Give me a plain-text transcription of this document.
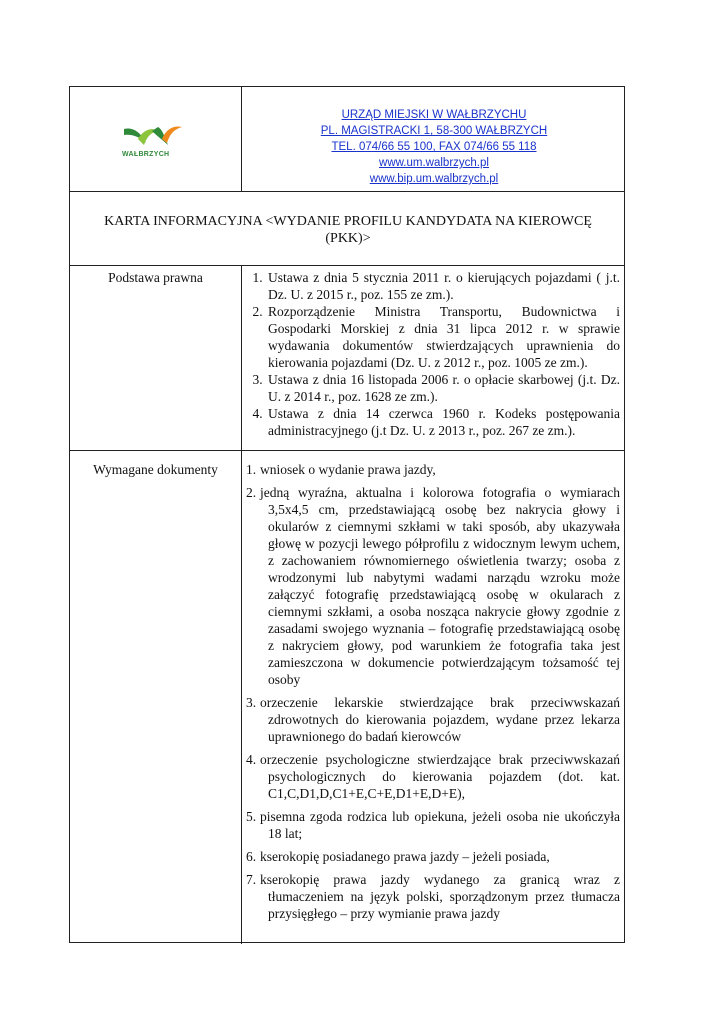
WAŁBRZYCH
URZĄD MIEJSKI W WAŁBRZYCHU
PL. MAGISTRACKI 1, 58-300 WAŁBRZYCH
TEL. 074/66 55 100, FAX 074/66 55 118
www.um.walbrzych.pl
www.bip.um.walbrzych.pl
KARTA INFORMACYJNA <WYDANIE PROFILU KANDYDATA NA KIEROWCĘ (PKK)>
Podstawa prawna	1. Ustawa z dnia 5 stycznia 2011 r. o kierujących pojazdami ( j.t. Dz. U. z 2015 r., poz. 155 ze zm.).
2. Rozporządzenie Ministra Transportu, Budownictwa i Gospodarki Morskiej z dnia 31 lipca 2012 r. w sprawie wydawania dokumentów stwierdzających uprawnienia do kierowania pojazdami (Dz. U. z 2012 r., poz. 1005 ze zm.).
3. Ustawa z dnia 16 listopada 2006 r. o opłacie skarbowej (j.t. Dz. U. z 2014 r., poz. 1628 ze zm.).
4. Ustawa z dnia 14 czerwca 1960 r. Kodeks postępowania administracyjnego (j.t Dz. U. z 2013 r., poz. 267 ze zm.).
Wymagane dokumenty	1. wniosek o wydanie prawa jazdy,
2. jedną wyraźna, aktualna i kolorowa fotografia o wymiarach 3,5x4,5 cm, przedstawiającą osobę bez nakrycia głowy i okularów z ciemnymi szkłami w taki sposób, aby ukazywała głowę w pozycji lewego półprofilu z widocznym lewym uchem, z zachowaniem równomiernego oświetlenia twarzy; osoba z wrodzonymi lub nabytymi wadami narządu wzroku może załączyć fotografię przedstawiającą osobę w okularach z ciemnymi szkłami, a osoba nosząca nakrycie głowy zgodnie z zasadami swojego wyznania – fotografię przedstawiającą osobę z nakryciem głowy, pod warunkiem że fotografia taka jest zamieszczona w dokumencie potwierdzającym tożsamość tej osoby
3. orzeczenie lekarskie stwierdzające brak przeciwwskazań zdrowotnych do kierowania pojazdem, wydane przez lekarza uprawnionego do badań kierowców
4. orzeczenie psychologiczne stwierdzające brak przeciwwskazań psychologicznych do kierowania pojazdem (dot. kat. C1,C,D1,D,C1+E,C+E,D1+E,D+E),
5. pisemna zgoda rodzica lub opiekuna, jeżeli osoba nie ukończyła 18 lat;
6. kserokopię posiadanego prawa jazdy – jeżeli posiada,
7. kserokopię prawa jazdy wydanego za granicą wraz z tłumaczeniem na język polski, sporządzonym przez tłumacza przysięgłego – przy wymianie prawa jazdy
